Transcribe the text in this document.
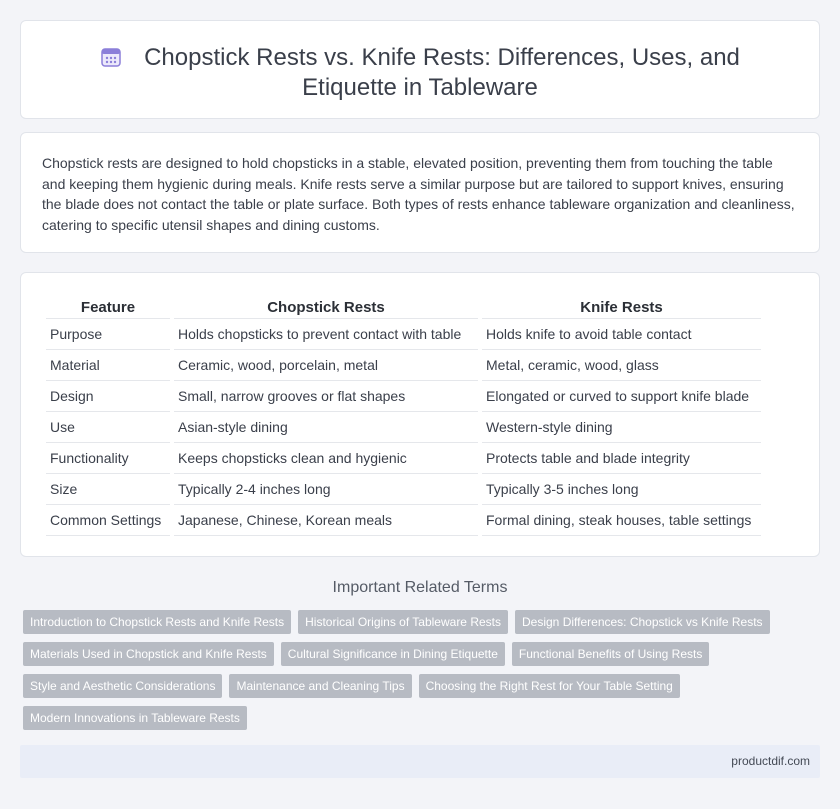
Chopstick Rests vs. Knife Rests: Differences, Uses, and Etiquette in Tableware

Chopstick rests are designed to hold chopsticks in a stable, elevated position, preventing them from touching the table and keeping them hygienic during meals. Knife rests serve a similar purpose but are tailored to support knives, ensuring the blade does not contact the table or plate surface. Both types of rests enhance tableware organization and cleanliness, catering to specific utensil shapes and dining customs.

Feature	Chopstick Rests	Knife Rests
Purpose	Holds chopsticks to prevent contact with table	Holds knife to avoid table contact
Material	Ceramic, wood, porcelain, metal	Metal, ceramic, wood, glass
Design	Small, narrow grooves or flat shapes	Elongated or curved to support knife blade
Use	Asian-style dining	Western-style dining
Functionality	Keeps chopsticks clean and hygienic	Protects table and blade integrity
Size	Typically 2-4 inches long	Typically 3-5 inches long
Common Settings	Japanese, Chinese, Korean meals	Formal dining, steak houses, table settings
Important Related Terms
Introduction to Chopstick Rests and Knife Rests	Historical Origins of Tableware Rests	Design Differences: Chopstick vs Knife Rests
Materials Used in Chopstick and Knife Rests	Cultural Significance in Dining Etiquette	Functional Benefits of Using Rests
Style and Aesthetic Considerations	Maintenance and Cleaning Tips	Choosing the Right Rest for Your Table Setting
Modern Innovations in Tableware Rests
productdif.com
